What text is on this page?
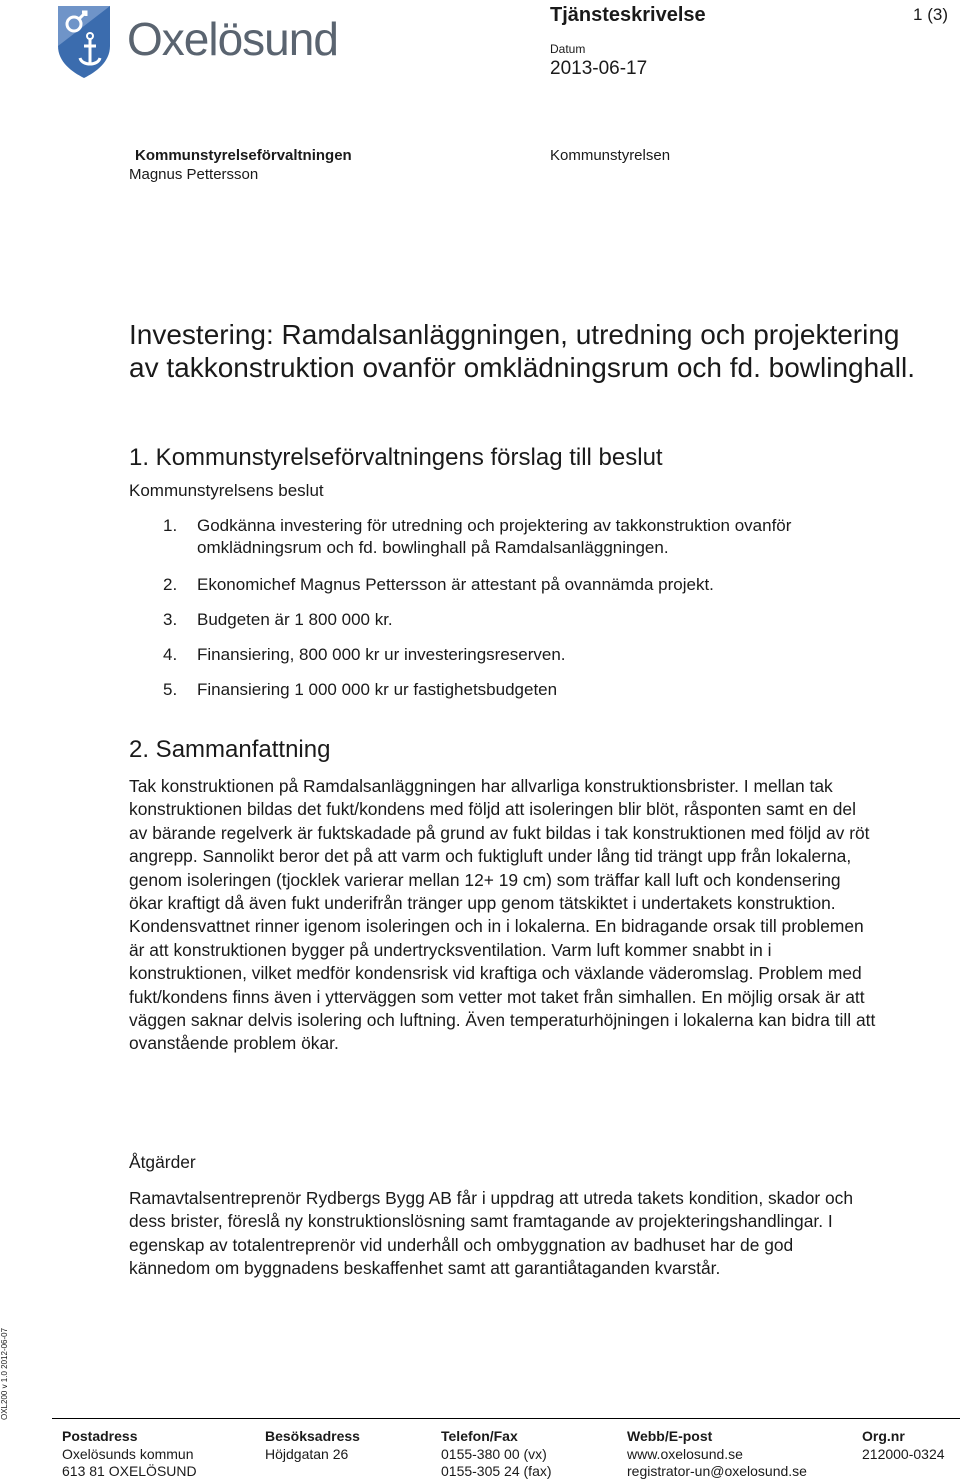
Oxelösund	Tjänsteskrivelse	1 (3)
Datum
2013-06-17
Kommunstyrelseförvaltningen
Magnus Pettersson
Kommunstyrelsen
Investering: Ramdalsanläggningen, utredning och projektering av takkonstruktion ovanför omklädningsrum och fd. bowlinghall.
1. Kommunstyrelseförvaltningens förslag till beslut
Kommunstyrelsens beslut
1. Godkänna investering för utredning och projektering av takkonstruktion ovanför omklädningsrum och fd. bowlinghall på Ramdalsanläggningen.
2. Ekonomichef Magnus Pettersson är attestant på ovannämda projekt.
3. Budgeten är 1 800 000 kr.
4. Finansiering, 800 000 kr ur investeringsreserven.
5. Finansiering 1 000 000 kr ur fastighetsbudgeten
2. Sammanfattning
Tak konstruktionen på Ramdalsanläggningen har allvarliga konstruktionsbrister. I mellan tak konstruktionen bildas det fukt/kondens med följd att isoleringen blir blöt, råsponten samt en del av bärande regelverk är fuktskadade på grund av fukt bildas i tak konstruktionen med följd av röt angrepp. Sannolikt beror det på att varm och fuktigluft under lång tid trängt upp från lokalerna, genom isoleringen (tjocklek varierar mellan 12+ 19 cm) som träffar kall luft och kondensering ökar kraftigt då även fukt underifrån tränger upp genom tätskiktet i undertakets konstruktion. Kondensvattnet rinner igenom isoleringen och in i lokalerna. En bidragande orsak till problemen är att konstruktionen bygger på undertrycksventilation. Varm luft kommer snabbt in i konstruktionen, vilket medför kondensrisk vid kraftiga och växlande väderomslag. Problem med fukt/kondens finns även i ytterväggen som vetter mot taket från simhallen. En möjlig orsak är att väggen saknar delvis isolering och luftning. Även temperaturhöjningen i lokalerna kan bidra till att ovanstående problem ökar.
Åtgärder
Ramavtalsentreprenör Rydbergs Bygg AB får i uppdrag att utreda takets kondition, skador och dess brister, föreslå ny konstruktionslösning samt framtagande av projekteringshandlingar. I egenskap av totalentreprenör vid underhåll och ombyggnation av badhuset har de god kännedom om byggnadens beskaffenhet samt att garantiåtaganden kvarstår.
OXL200 v 1.0 2012-06-07
Postadress
Oxelösunds kommun
613 81 OXELÖSUND
Besöksadress
Höjdgatan 26
Telefon/Fax
0155-380 00 (vx)
0155-305 24 (fax)
Webb/E-post
www.oxelosund.se
registrator-un@oxelosund.se
Org.nr
212000-0324
